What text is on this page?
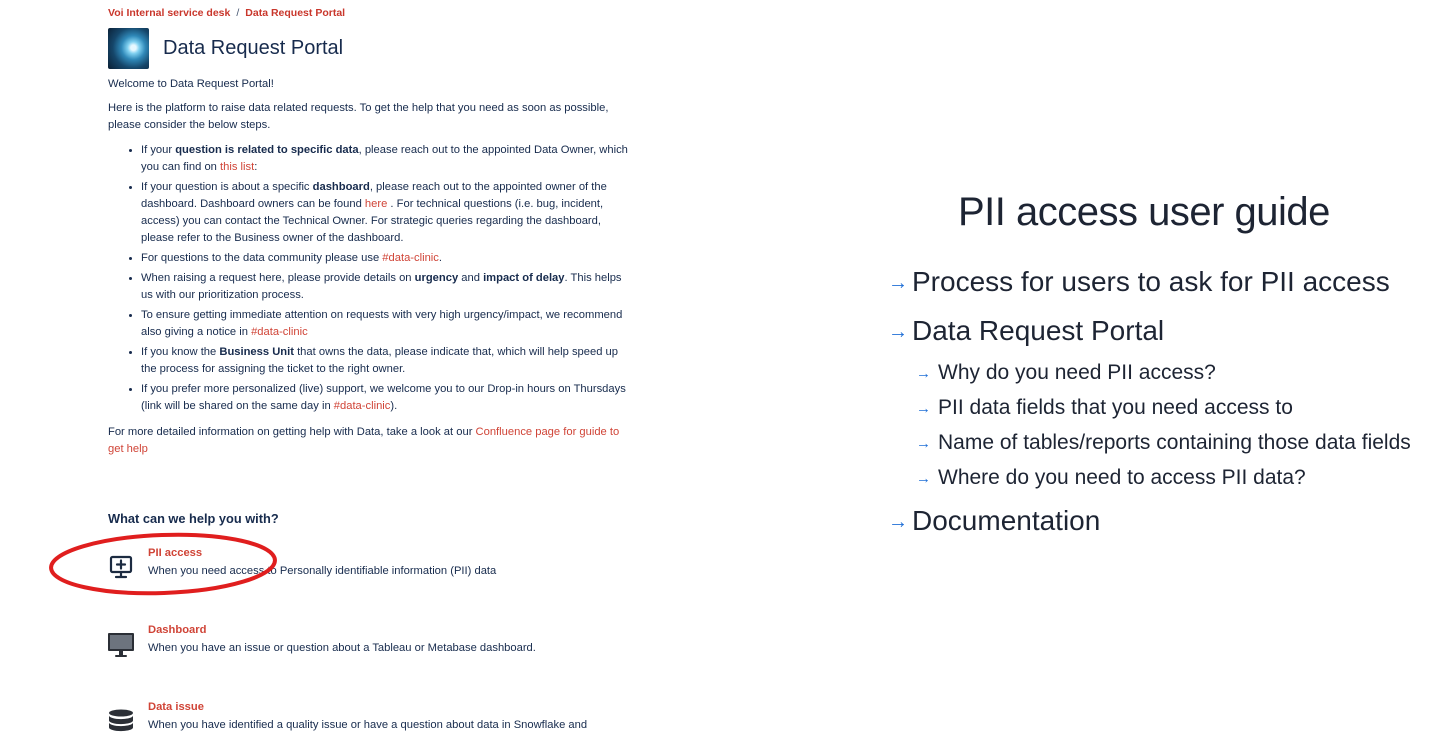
Voi Internal service desk / Data Request Portal
Data Request Portal

Welcome to Data Request Portal!

Here is the platform to raise data related requests. To get the help that you need as soon as possible, please consider the below steps.

• If your question is related to specific data, please reach out to the appointed Data Owner, which you can find on this list:
• If your question is about a specific dashboard, please reach out to the appointed owner of the dashboard. Dashboard owners can be found here . For technical questions (i.e. bug, incident, access) you can contact the Technical Owner. For strategic queries regarding the dashboard, please refer to the Business owner of the dashboard.
• For questions to the data community please use #data-clinic.
• When raising a request here, please provide details on urgency and impact of delay. This helps us with our prioritization process.
• To ensure getting immediate attention on requests with very high urgency/impact, we recommend also giving a notice in #data-clinic
• If you know the Business Unit that owns the data, please indicate that, which will help speed up the process for assigning the ticket to the right owner.
• If you prefer more personalized (live) support, we welcome you to our Drop-in hours on Thursdays (link will be shared on the same day in #data-clinic).

For more detailed information on getting help with Data, take a look at our Confluence page for guide to get help

What can we help you with?
PII access
When you need access to Personally identifiable information (PII) data
Dashboard
When you have an issue or question about a Tableau or Metabase dashboard.
Data issue
When you have identified a quality issue or have a question about data in Snowflake and
PII access user guide
→ Process for users to ask for PII access
→ Data Request Portal
→ Why do you need PII access?
→ PII data fields that you need access to
→ Name of tables/reports containing those data fields
→ Where do you need to access PII data?
→ Documentation
